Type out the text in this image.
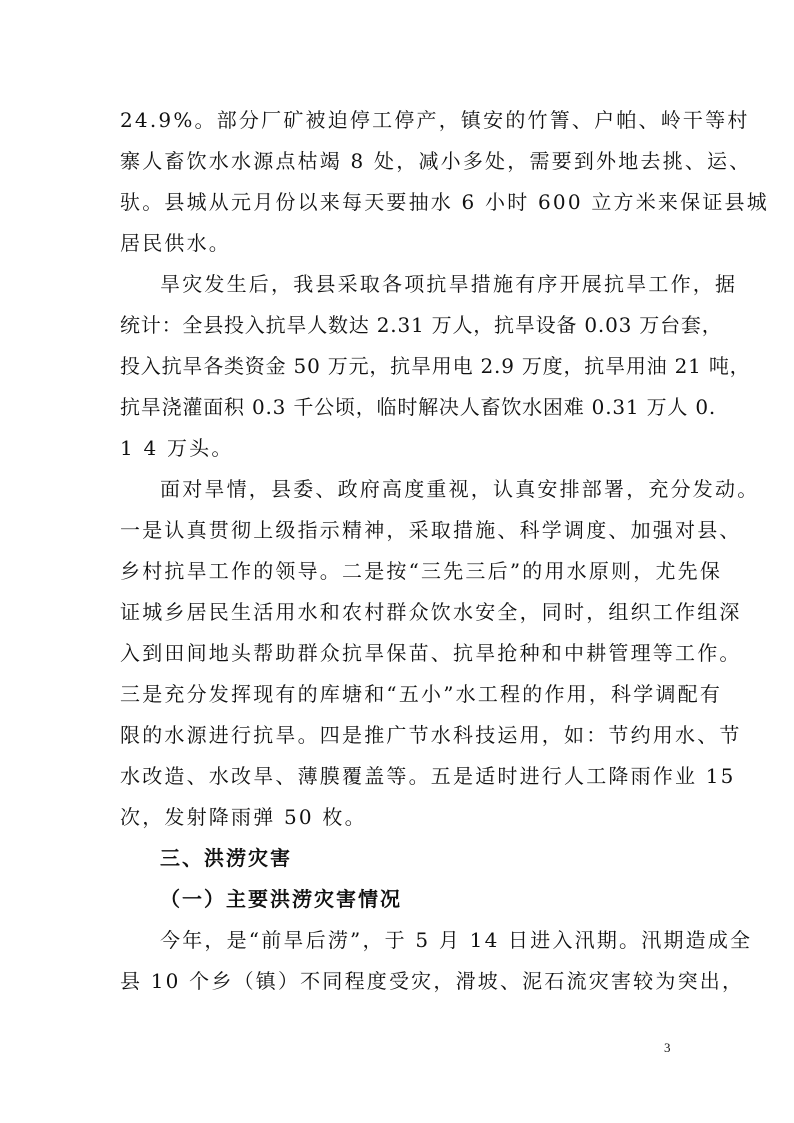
24.9%。部分厂矿被迫停工停产，镇安的竹箐、户帕、岭干等村
寨人畜饮水水源点枯竭 8 处，减小多处，需要到外地去挑、运、
驮。县城从元月份以来每天要抽水 6 小时 600 立方米来保证县城
居民供水。
旱灾发生后，我县采取各项抗旱措施有序开展抗旱工作，据
统计：全县投入抗旱人数达 2.31 万人，抗旱设备 0.03 万台套，
投入抗旱各类资金 50 万元，抗旱用电 2.9 万度，抗旱用油 21 吨，
抗旱浇灌面积 0.3 千公顷，临时解决人畜饮水困难 0.31 万人 0.
1 4 万头。
面对旱情，县委、政府高度重视，认真安排部署，充分发动。
一是认真贯彻上级指示精神，采取措施、科学调度、加强对县、
乡村抗旱工作的领导。二是按“三先三后”的用水原则，尤先保
证城乡居民生活用水和农村群众饮水安全，同时，组织工作组深
入到田间地头帮助群众抗旱保苗、抗旱抢种和中耕管理等工作。
三是充分发挥现有的库塘和“五小”水工程的作用，科学调配有
限的水源进行抗旱。四是推广节水科技运用，如：节约用水、节
水改造、水改旱、薄膜覆盖等。五是适时进行人工降雨作业 15
次，发射降雨弹 50 枚。
三、洪涝灾害
（一）主要洪涝灾害情况
今年，是“前旱后涝”，于 5 月 14 日进入汛期。汛期造成全
县 10 个乡（镇）不同程度受灾，滑坡、泥石流灾害较为突出，
3
